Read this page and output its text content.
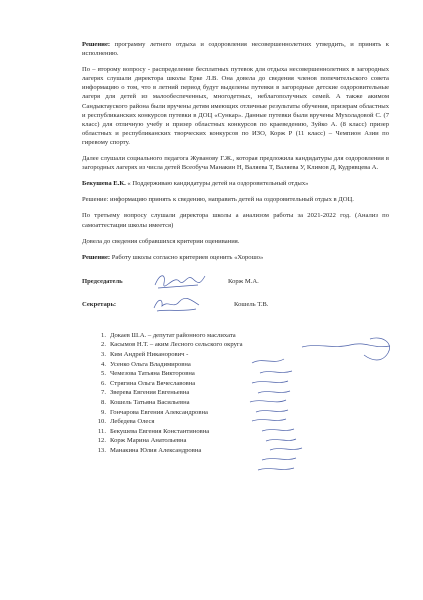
Решение: программу летнего отдыха и оздоровления несовершеннолетних утвердить, и принять к исполнению.

По – второму вопросу - распределение бесплатных путевок для отдыха несовершеннолетних в загородных лагерях слушали директора школы Ерке Л.В. Она довела до сведения членов попечительского совета информацию о том, что в летний период будут выделены путевки в загородные детские оздоровительные лагеря для детей из малообеспеченных, многодетных, неблагополучных семей. А также акимом Сандыктауского района были вручены детям имеющих отличные результаты обучения, призерам областных и республиканских конкурсов путевки в ДОЦ «Сункар». Данные путевки были вручены Мухоладовой С. (7 класс) для отличную учебу и призер областных конкурсов по краеведению, Зуйко А. (8 класс) призер областных и республиканских творческих конкурсов по ИЗО, Корж Р (11 класс) – Чемпион Азии по гиревому спорту.

Далее слушали социального педагога Жуванову Г.Ж., которая предложила кандидатуры для оздоровления в загородных лагерях из числа детей Всеобуча Манакин Н, Валяева Т, Валяева У, Климов Д, Кудрявцева А.

Бекушева Е.К. « Поддерживаю кандидатуры детей на оздоровительный отдых»

Решение: информацию принять к сведению, направить детей на оздоровительный отдых в ДОЦ.

По третьему вопросу слушали директора школы а анализом работы за 2021-2022 год. (Анализ по самоаттестации школы имеется)

Довела до сведения собравшихся критерии оценивания.

Решение: Работу школы согласно критериев оценить «Хорошо»

Председатель	Корж М.А.
Секретарь:	Кошель Т.В.
1. Докаев Ш.А. – депутат районного маслихата
2. Касымов Н.Т. – аким Лесного сельского округа
3. Ким Андрей Никанорович -
4. Усенко Ольга Владимировна
5. Чемезова Татьяна Викторовна
6. Стрягина Ольга Вячеславовна
7. Зверева Евгения Евгеньевна
8. Кошель Татьяна Васильевна
9. Гончарова Евгения Александровна
10. Лебедева Олеся
11. Бекушева Евгения Константиновна
12. Корж Марина Анатольевна
13. Манакина Юлия Александровна
